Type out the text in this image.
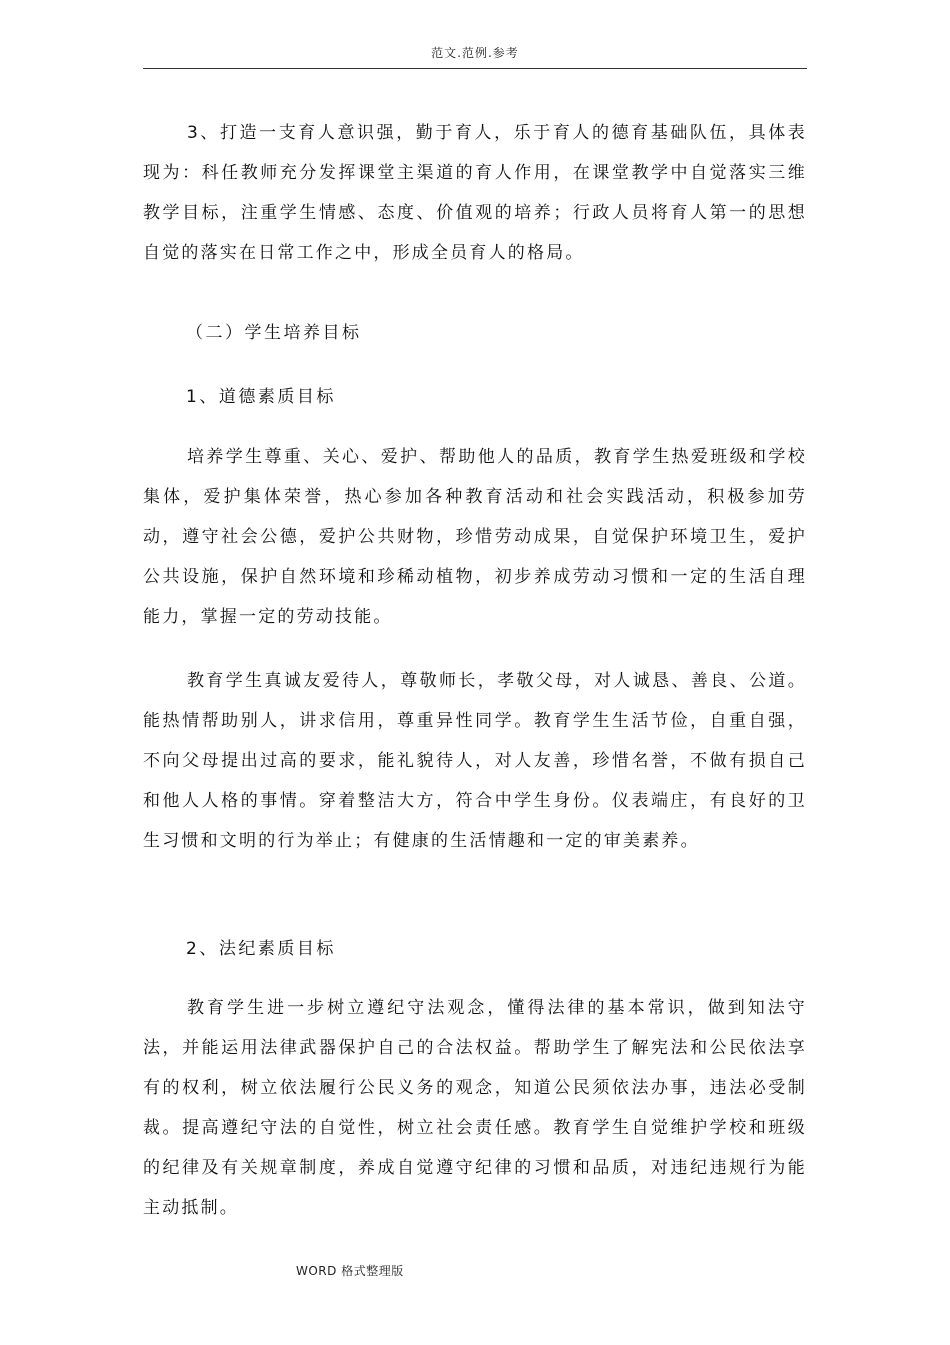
范文.范例.参考
3、打造一支育人意识强，勤于育人，乐于育人的德育基础队伍，具体表现为：科任教师充分发挥课堂主渠道的育人作用，在课堂教学中自觉落实三维教学目标，注重学生情感、态度、价值观的培养；行政人员将育人第一的思想自觉的落实在日常工作之中，形成全员育人的格局。
（二）学生培养目标
1、道德素质目标
培养学生尊重、关心、爱护、帮助他人的品质，教育学生热爱班级和学校集体，爱护集体荣誉，热心参加各种教育活动和社会实践活动，积极参加劳动，遵守社会公德，爱护公共财物，珍惜劳动成果，自觉保护环境卫生，爱护公共设施，保护自然环境和珍稀动植物，初步养成劳动习惯和一定的生活自理能力，掌握一定的劳动技能。
教育学生真诚友爱待人，尊敬师长，孝敬父母，对人诚恳、善良、公道。能热情帮助别人，讲求信用，尊重异性同学。教育学生生活节俭，自重自强，不向父母提出过高的要求，能礼貌待人，对人友善，珍惜名誉，不做有损自己和他人人格的事情。穿着整洁大方，符合中学生身份。仪表端庄，有良好的卫生习惯和文明的行为举止；有健康的生活情趣和一定的审美素养。
2、法纪素质目标
教育学生进一步树立遵纪守法观念，懂得法律的基本常识，做到知法守法，并能运用法律武器保护自己的合法权益。帮助学生了解宪法和公民依法享有的权利，树立依法履行公民义务的观念，知道公民须依法办事，违法必受制裁。提高遵纪守法的自觉性，树立社会责任感。教育学生自觉维护学校和班级的纪律及有关规章制度，养成自觉遵守纪律的习惯和品质，对违纪违规行为能主动抵制。
WORD 格式整理版
